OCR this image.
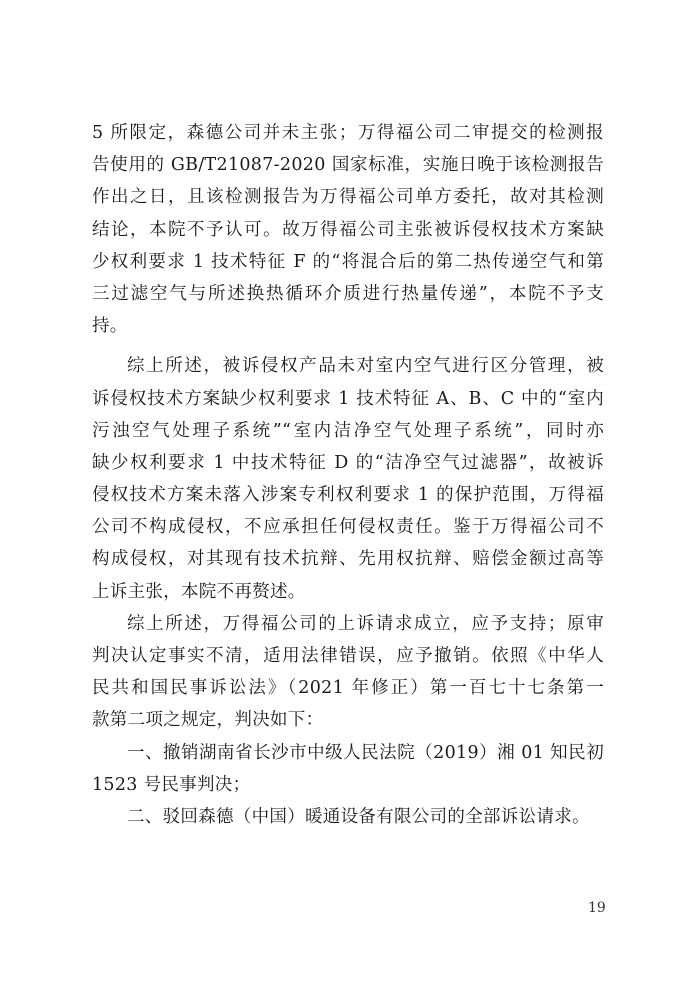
5 所限定，森德公司并未主张；万得福公司二审提交的检测报
告使用的 GB/T21087-2020 国家标准，实施日晚于该检测报告
作出之日，且该检测报告为万得福公司单方委托，故对其检测
结论，本院不予认可。故万得福公司主张被诉侵权技术方案缺
少权利要求 1 技术特征 F 的“将混合后的第二热传递空气和第
三过滤空气与所述换热循环介质进行热量传递”，本院不予支
持。
综上所述，被诉侵权产品未对室内空气进行区分管理，被
诉侵权技术方案缺少权利要求 1 技术特征 A、B、C 中的“室内
污浊空气处理子系统”“室内洁净空气处理子系统”，同时亦
缺少权利要求 1 中技术特征 D 的“洁净空气过滤器”，故被诉
侵权技术方案未落入涉案专利权利要求 1 的保护范围，万得福
公司不构成侵权，不应承担任何侵权责任。鉴于万得福公司不
构成侵权，对其现有技术抗辩、先用权抗辩、赔偿金额过高等
上诉主张，本院不再赘述。
综上所述，万得福公司的上诉请求成立，应予支持；原审
判决认定事实不清，适用法律错误，应予撤销。依照《中华人
民共和国民事诉讼法》（2021 年修正）第一百七十七条第一
款第二项之规定，判决如下：
一、撤销湖南省长沙市中级人民法院（2019）湘 01 知民初
1523 号民事判决；
二、驳回森德（中国）暖通设备有限公司的全部诉讼请求。
19
